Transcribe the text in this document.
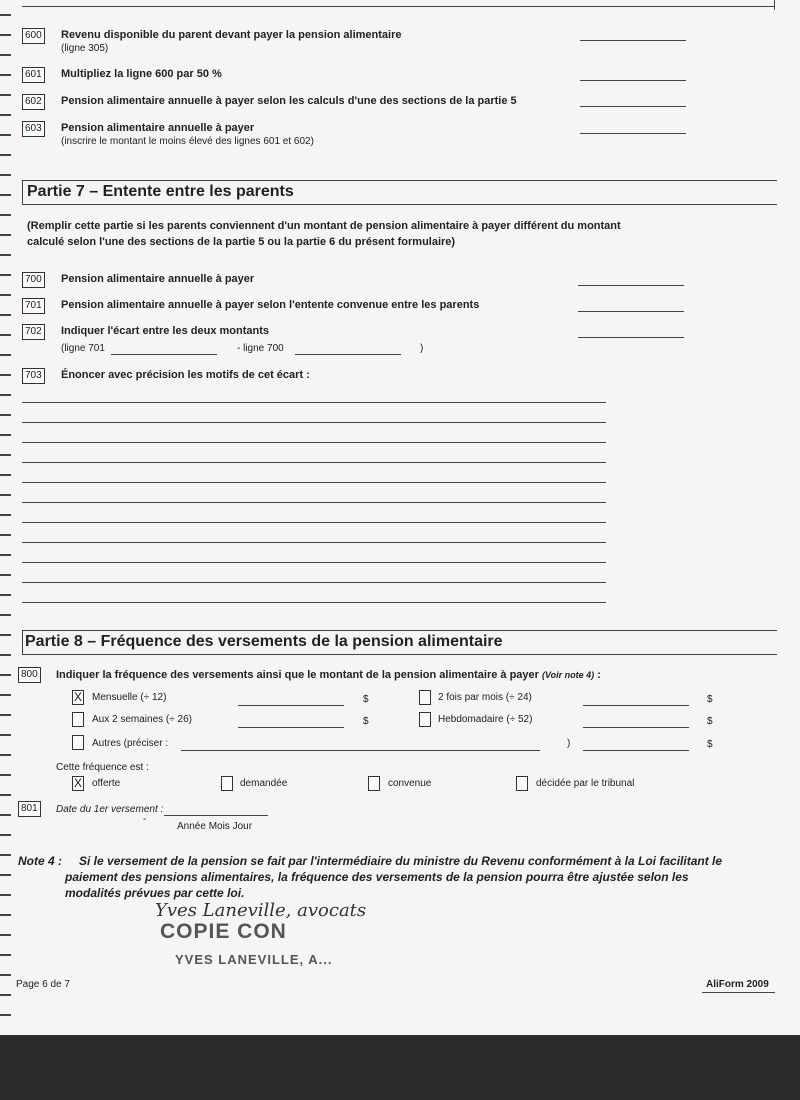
600 Revenu disponible du parent devant payer la pension alimentaire
(ligne 305)
601 Multipliez la ligne 600 par 50 %
602 Pension alimentaire annuelle à payer selon les calculs d'une des sections de la partie 5
603 Pension alimentaire annuelle à payer
(inscrire le montant le moins élevé des lignes 601 et 602)
Partie 7 – Entente entre les parents
(Remplir cette partie si les parents conviennent d'un montant de pension alimentaire à payer différent du montant
calculé selon l'une des sections de la partie 5 ou la partie 6 du présent formulaire)
700 Pension alimentaire annuelle à payer
701 Pension alimentaire annuelle à payer selon l'entente convenue entre les parents
702 Indiquer l'écart entre les deux montants
(ligne 701	- ligne 700	)
703 Énoncer avec précision les motifs de cet écart :
Partie 8 – Fréquence des versements de la pension alimentaire
800 Indiquer la fréquence des versements ainsi que le montant de la pension alimentaire à payer (Voir note 4) :
X Mensuelle (÷ 12)	$	2 fois par mois (÷ 24)	$
Aux 2 semaines (÷ 26)	$	Hebdomadaire (÷ 52)	$
Autres (préciser :	)	$
Cette fréquence est :
X offerte	demandée	convenue	décidée par le tribunal
801	Date du 1er versement :
-
Année Mois Jour
Note 4 : Si le versement de la pension se fait par l'intermédiaire du ministre du Revenu conformément à la Loi facilitant le
paiement des pensions alimentaires, la fréquence des versements de la pension pourra être ajustée selon les
modalités prévues par cette loi.
Yves Laneville, avocats
COPIE CON
YVES LANEVILLE, A...
Page 6 de 7	AliForm 2009
